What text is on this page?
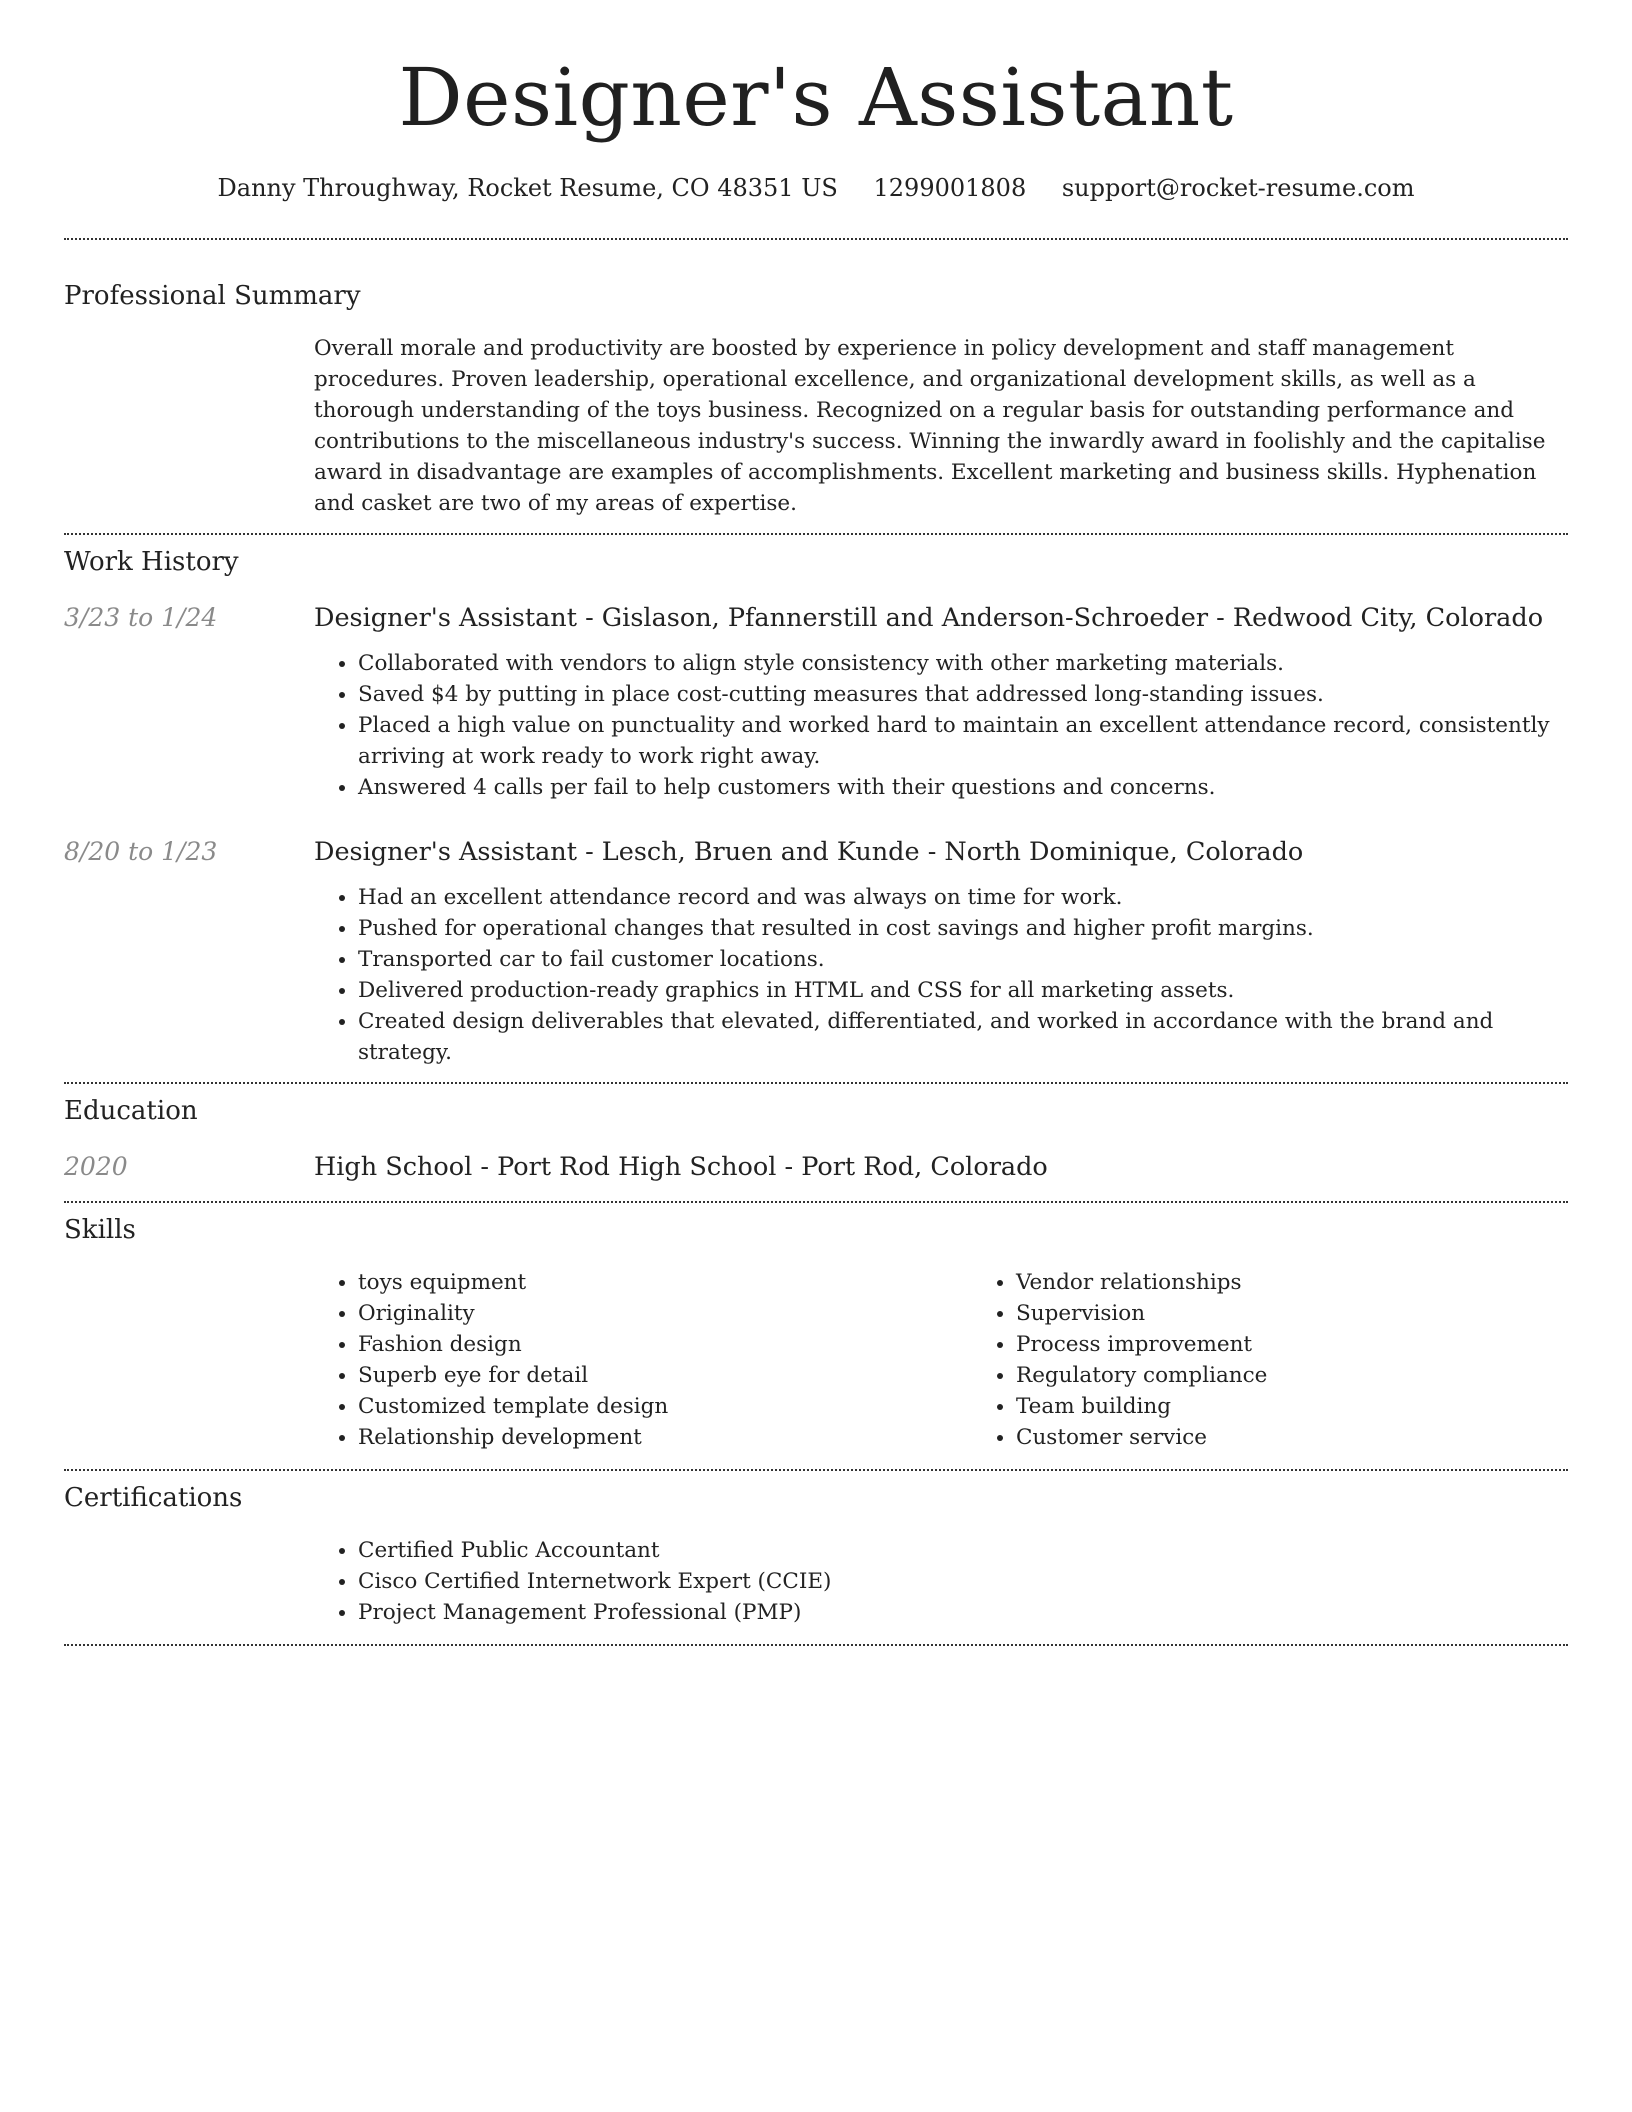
Designer's Assistant
Danny Throughway, Rocket Resume, CO 48351 US 1299001808 support@rocket-resume.com
Professional Summary
Overall morale and productivity are boosted by experience in policy development and staff management procedures. Proven leadership, operational excellence, and organizational development skills, as well as a thorough understanding of the toys business. Recognized on a regular basis for outstanding performance and contributions to the miscellaneous industry's success. Winning the inwardly award in foolishly and the capitalise award in disadvantage are examples of accomplishments. Excellent marketing and business skills. Hyphenation and casket are two of my areas of expertise.
Work History
3/23 to 1/24	Designer's Assistant - Gislason, Pfannerstill and Anderson-Schroeder - Redwood City, Colorado
• Collaborated with vendors to align style consistency with other marketing materials.
• Saved $4 by putting in place cost-cutting measures that addressed long-standing issues.
• Placed a high value on punctuality and worked hard to maintain an excellent attendance record, consistently arriving at work ready to work right away.
• Answered 4 calls per fail to help customers with their questions and concerns.
8/20 to 1/23	Designer's Assistant - Lesch, Bruen and Kunde - North Dominique, Colorado
• Had an excellent attendance record and was always on time for work.
• Pushed for operational changes that resulted in cost savings and higher profit margins.
• Transported car to fail customer locations.
• Delivered production-ready graphics in HTML and CSS for all marketing assets.
• Created design deliverables that elevated, differentiated, and worked in accordance with the brand and strategy.
Education
2020	High School - Port Rod High School - Port Rod, Colorado
Skills
• toys equipment
• Originality
• Fashion design
• Superb eye for detail
• Customized template design
• Relationship development
• Vendor relationships
• Supervision
• Process improvement
• Regulatory compliance
• Team building
• Customer service
Certifications
• Certified Public Accountant
• Cisco Certified Internetwork Expert (CCIE)
• Project Management Professional (PMP)
